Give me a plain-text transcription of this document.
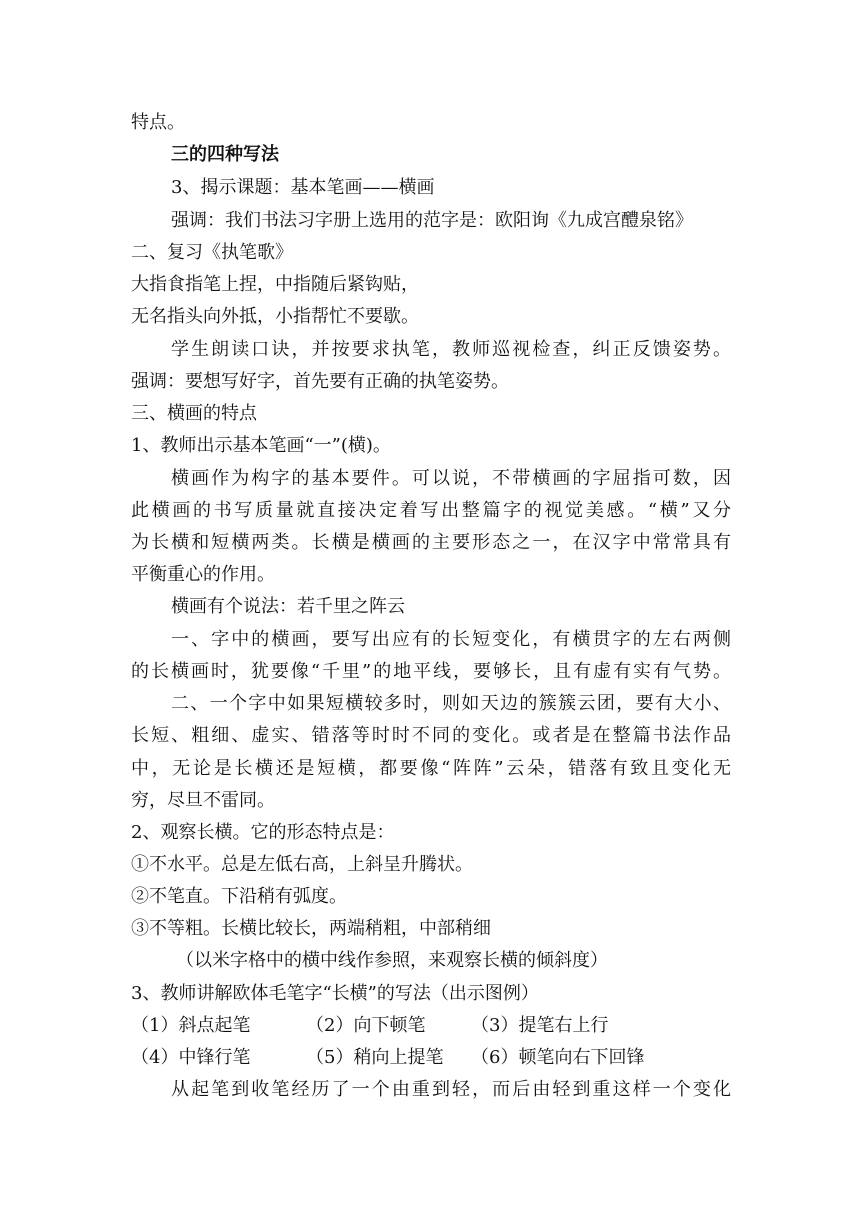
特点。
三的四种写法
3、揭示课题：基本笔画——横画
强调：我们书法习字册上选用的范字是：欧阳询《九成宫醴泉铭》
二、复习《执笔歌》
大指食指笔上捏，中指随后紧钩贴，
无名指头向外抵，小指帮忙不要歇。
学生朗读口诀，并按要求执笔，教师巡视检查，纠正反馈姿势。
强调：要想写好字，首先要有正确的执笔姿势。
三、横画的特点
1、教师出示基本笔画“一”(横)。
横画作为构字的基本要件。可以说，不带横画的字屈指可数，因
此横画的书写质量就直接决定着写出整篇字的视觉美感。“横”又分
为长横和短横两类。长横是横画的主要形态之一，在汉字中常常具有
平衡重心的作用。
横画有个说法：若千里之阵云
一、字中的横画，要写出应有的长短变化，有横贯字的左右两侧
的长横画时，犹要像“千里”的地平线，要够长，且有虚有实有气势。
二、一个字中如果短横较多时，则如天边的簇簇云团，要有大小、
长短、粗细、虚实、错落等时时不同的变化。或者是在整篇书法作品
中，无论是长横还是短横，都要像“阵阵”云朵，错落有致且变化无
穷，尽旦不雷同。
2、观察长横。它的形态特点是：
①不水平。总是左低右高，上斜呈升腾状。
②不笔直。下沿稍有弧度。
③不等粗。长横比较长，两端稍粗，中部稍细
（以米字格中的横中线作参照，来观察长横的倾斜度）
3、教师讲解欧体毛笔字“长横”的写法（出示图例）
（1）斜点起笔	（2）向下顿笔	（3）提笔右上行
（4）中锋行笔	（5）稍向上提笔 （6）顿笔向右下回锋
从起笔到收笔经历了一个由重到轻，而后由轻到重这样一个变化
